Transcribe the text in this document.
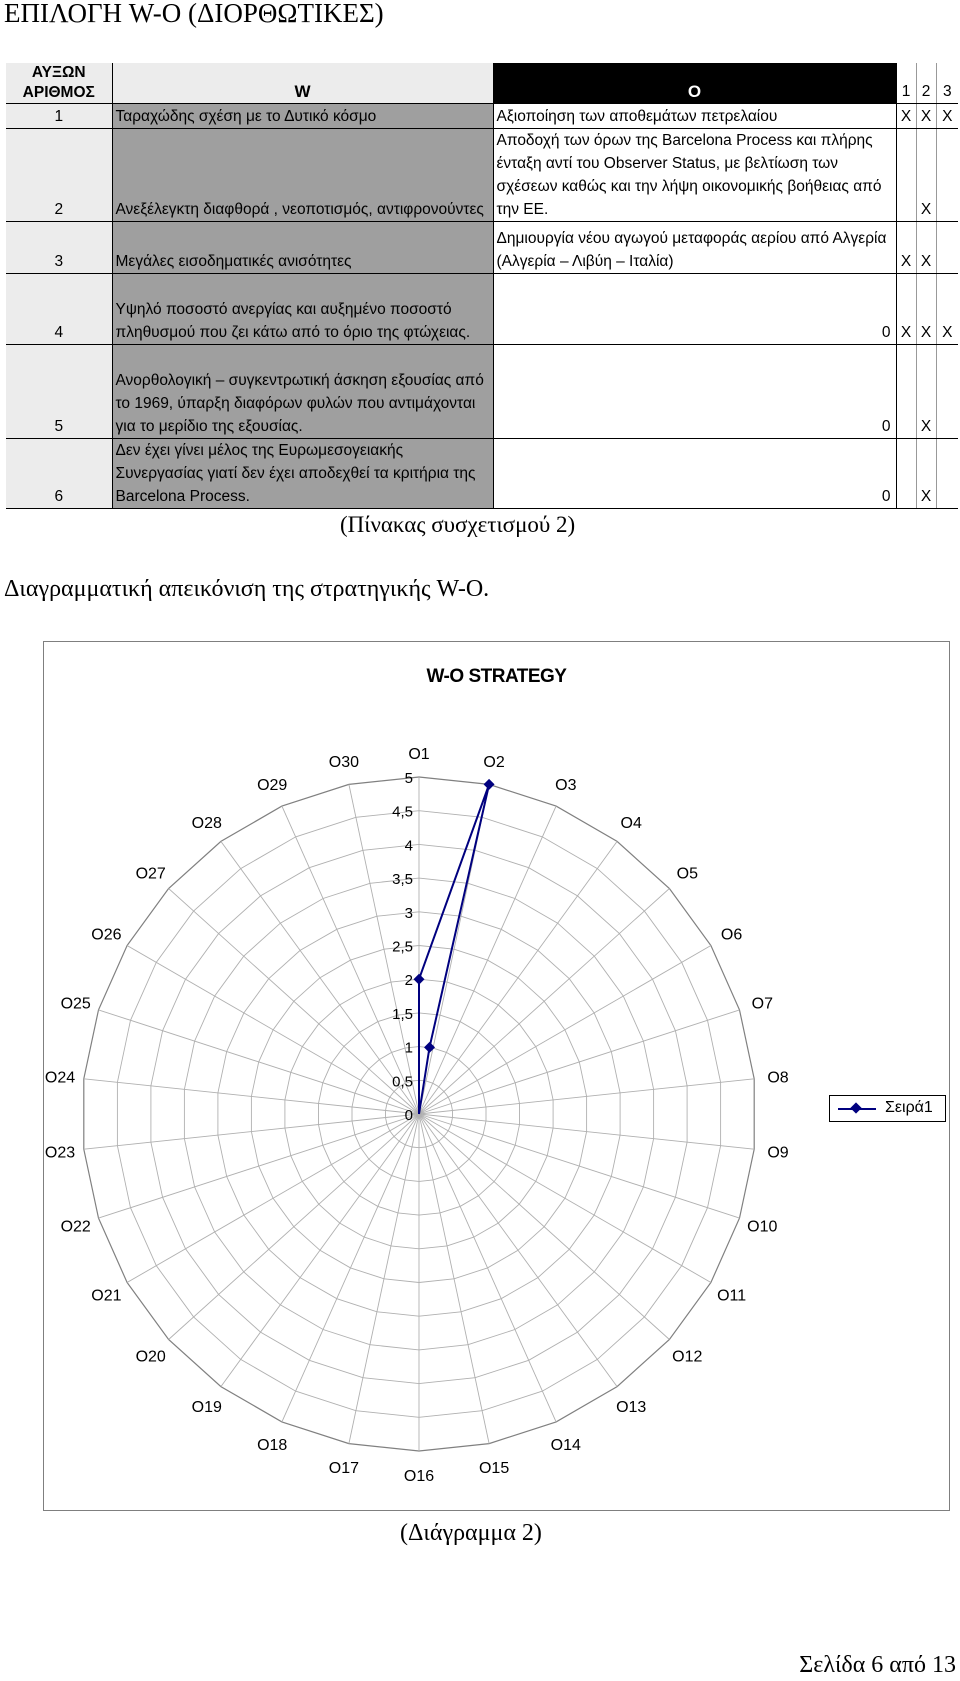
ΕΠΙΛΟΓΗ W-O (ΔΙΟΡΘΩΤΙΚΕΣ)
ΑΥΞΩΝ ΑΡΙΘΜΟΣ	W	O	1	2	3
1	Ταραχώδης σχέση με το Δυτικό κόσμο	Αξιοποίηση των αποθεμάτων πετρελαίου	X	X	X
2	Ανεξέλεγκτη διαφθορά , νεοποτισμός, αντιφρονούντες	Αποδοχή των όρων της Barcelona Process και πλήρης ένταξη αντί του Observer Status, με βελτίωση των σχέσεων καθώς και την λήψη οικονομικής βοήθειας από την ΕΕ.		X	
3	Μεγάλες εισοδηματικές ανισότητες	Δημιουργία νέου αγωγού μεταφοράς αερίου από Αλγερία (Αλγερία – Λιβύη – Ιταλία)	X	X	
4	Υψηλό ποσοστό ανεργίας και αυξημένο ποσοστό πληθυσμού που ζει κάτω από το όριο της φτώχειας.	0	X	X	X
5	Ανορθολογική – συγκεντρωτική άσκηση εξουσίας από το 1969, ύπαρξη διαφόρων φυλών που αντιμάχονται για το μερίδιο της εξουσίας.	0		X	
6	Δεν έχει γίνει μέλος της Ευρωμεσογειακής Συνεργασίας γιατί δεν έχει αποδεχθεί τα κριτήρια της Barcelona Process.	0		X	
(Πίνακας συσχετισμού 2)
Διαγραμματική απεικόνιση της στρατηγικής W-O.
W-O STRATEGY
O1	O2
O3
O4
O5
O6
O7
O8
O9
O10
O11
O12
O13
O14
O15
O16
O17
O18
O19
O20
O21
O22
O23
O24
O25
O26
O27
O28
O29
O30
0
0,5
1
1,5
2
2,5
3
3,5
4
4,5
5
Σειρά1
(Διάγραμμα 2)
Σελίδα 6 από 13
